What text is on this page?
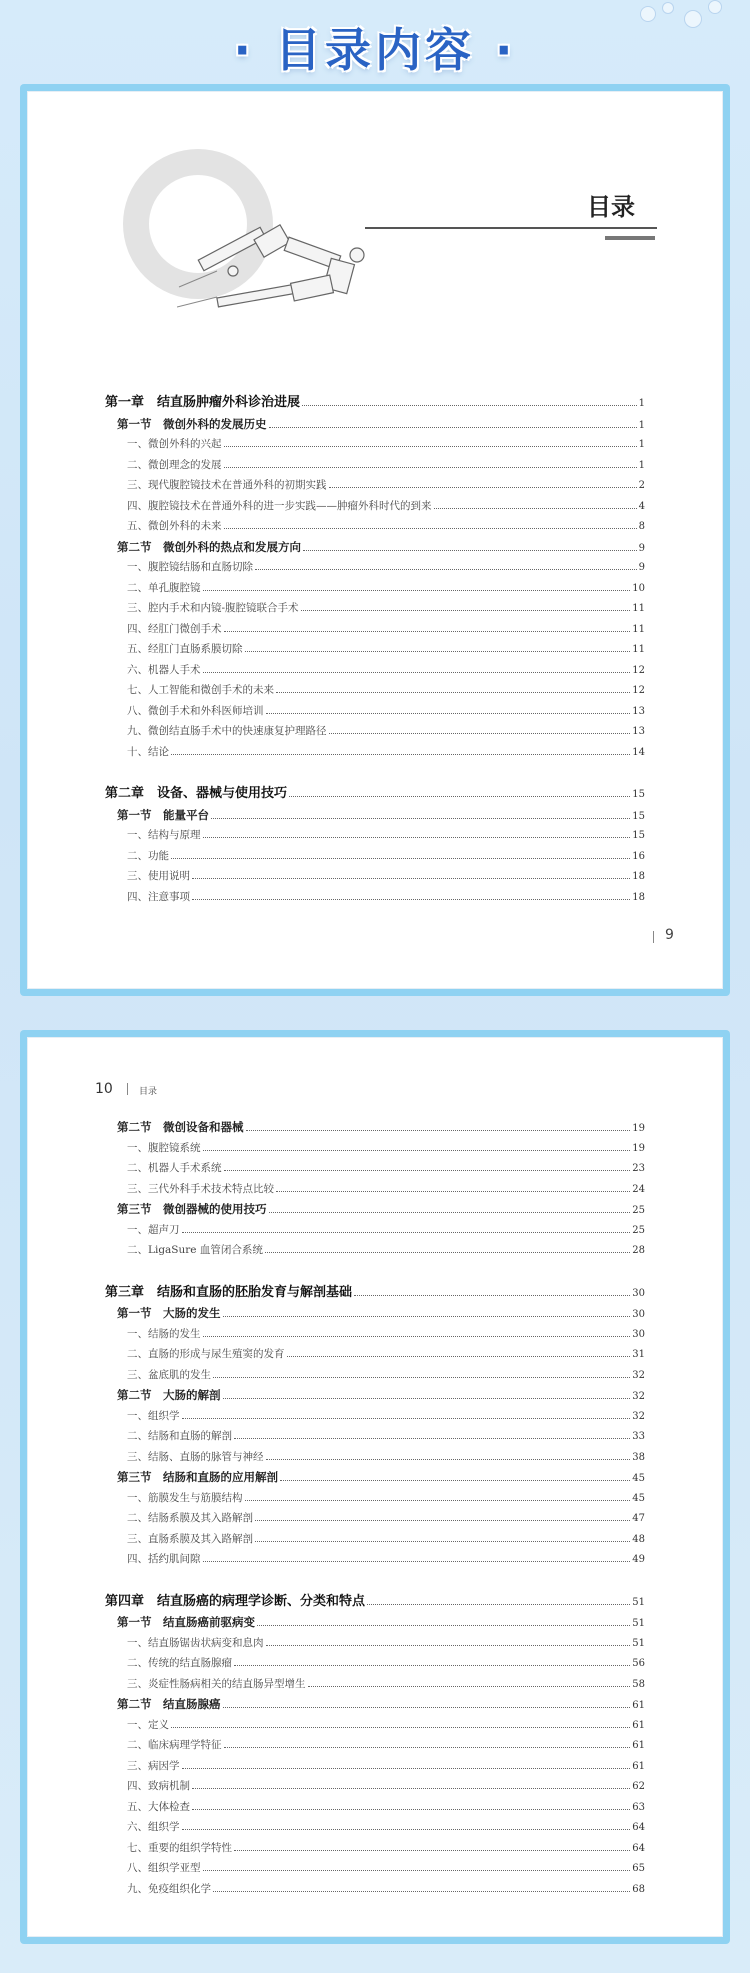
· 目录内容 ·
目录
第一章　结直肠肿瘤外科诊治进展	1
第一节　微创外科的发展历史	1
一、微创外科的兴起	1
二、微创理念的发展	1
三、现代腹腔镜技术在普通外科的初期实践	2
四、腹腔镜技术在普通外科的进一步实践——肿瘤外科时代的到来	4
五、微创外科的未来	8
第二节　微创外科的热点和发展方向	9
一、腹腔镜结肠和直肠切除	9
二、单孔腹腔镜	10
三、腔内手术和内镜-腹腔镜联合手术	11
四、经肛门微创手术	11
五、经肛门直肠系膜切除	11
六、机器人手术	12
七、人工智能和微创手术的未来	12
八、微创手术和外科医师培训	13
九、微创结直肠手术中的快速康复护理路径	13
十、结论	14
第二章　设备、器械与使用技巧	15
第一节　能量平台	15
一、结构与原理	15
二、功能	16
三、使用说明	18
四、注意事项	18
9
10	目录
第二节　微创设备和器械	19
一、腹腔镜系统	19
二、机器人手术系统	23
三、三代外科手术技术特点比较	24
第三节　微创器械的使用技巧	25
一、超声刀	25
二、LigaSure 血管闭合系统	28
第三章　结肠和直肠的胚胎发育与解剖基础	30
第一节　大肠的发生	30
一、结肠的发生	30
二、直肠的形成与尿生殖窦的发育	31
三、盆底肌的发生	32
第二节　大肠的解剖	32
一、组织学	32
二、结肠和直肠的解剖	33
三、结肠、直肠的脉管与神经	38
第三节　结肠和直肠的应用解剖	45
一、筋膜发生与筋膜结构	45
二、结肠系膜及其入路解剖	47
三、直肠系膜及其入路解剖	48
四、括约肌间隙	49
第四章　结直肠癌的病理学诊断、分类和特点	51
第一节　结直肠癌前驱病变	51
一、结直肠锯齿状病变和息肉	51
二、传统的结直肠腺瘤	56
三、炎症性肠病相关的结直肠异型增生	58
第二节　结直肠腺癌	61
一、定义	61
二、临床病理学特征	61
三、病因学	61
四、致病机制	62
五、大体检查	63
六、组织学	64
七、重要的组织学特性	64
八、组织学亚型	65
九、免疫组织化学	68
